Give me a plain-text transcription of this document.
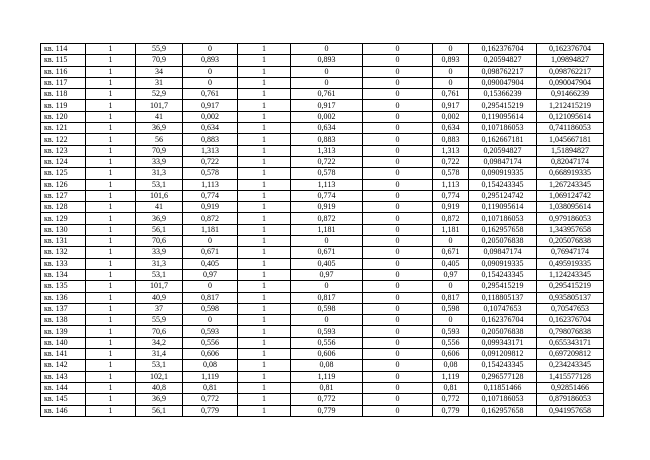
кв. 114	1	55,9	0	1	0	0	0	0,162376704	0,162376704
кв. 115	1	70,9	0,893	1	0,893	0	0,893	0,20594827	1,09894827
кв. 116	1	34	0	1	0	0	0	0,098762217	0,098762217
кв. 117	1	31	0	1	0	0	0	0,090047904	0,090047904
кв. 118	1	52,9	0,761	1	0,761	0	0,761	0,15366239	0,91466239
кв. 119	1	101,7	0,917	1	0,917	0	0,917	0,295415219	1,212415219
кв. 120	1	41	0,002	1	0,002	0	0,002	0,119095614	0,121095614
кв. 121	1	36,9	0,634	1	0,634	0	0,634	0,107186053	0,741186053
кв. 122	1	56	0,883	1	0,883	0	0,883	0,162667181	1,045667181
кв. 123	1	70,9	1,313	1	1,313	0	1,313	0,20594827	1,51894827
кв. 124	1	33,9	0,722	1	0,722	0	0,722	0,09847174	0,82047174
кв. 125	1	31,3	0,578	1	0,578	0	0,578	0,090919335	0,668919335
кв. 126	1	53,1	1,113	1	1,113	0	1,113	0,154243345	1,267243345
кв. 127	1	101,6	0,774	1	0,774	0	0,774	0,295124742	1,069124742
кв. 128	1	41	0,919	1	0,919	0	0,919	0,119095614	1,038095614
кв. 129	1	36,9	0,872	1	0,872	0	0,872	0,107186053	0,979186053
кв. 130	1	56,1	1,181	1	1,181	0	1,181	0,162957658	1,343957658
кв. 131	1	70,6	0	1	0	0	0	0,205076838	0,205076838
кв. 132	1	33,9	0,671	1	0,671	0	0,671	0,09847174	0,76947174
кв. 133	1	31,3	0,405	1	0,405	0	0,405	0,090919335	0,495919335
кв. 134	1	53,1	0,97	1	0,97	0	0,97	0,154243345	1,124243345
кв. 135	1	101,7	0	1	0	0	0	0,295415219	0,295415219
кв. 136	1	40,9	0,817	1	0,817	0	0,817	0,118805137	0,935805137
кв. 137	1	37	0,598	1	0,598	0	0,598	0,10747653	0,70547653
кв. 138	1	55,9	0	1	0	0	0	0,162376704	0,162376704
кв. 139	1	70,6	0,593	1	0,593	0	0,593	0,205076838	0,798076838
кв. 140	1	34,2	0,556	1	0,556	0	0,556	0,099343171	0,655343171
кв. 141	1	31,4	0,606	1	0,606	0	0,606	0,091209812	0,697209812
кв. 142	1	53,1	0,08	1	0,08	0	0,08	0,154243345	0,234243345
кв. 143	1	102,1	1,119	1	1,119	0	1,119	0,296577128	1,415577128
кв. 144	1	40,8	0,81	1	0,81	0	0,81	0,11851466	0,92851466
кв. 145	1	36,9	0,772	1	0,772	0	0,772	0,107186053	0,879186053
кв. 146	1	56,1	0,779	1	0,779	0	0,779	0,162957658	0,941957658
